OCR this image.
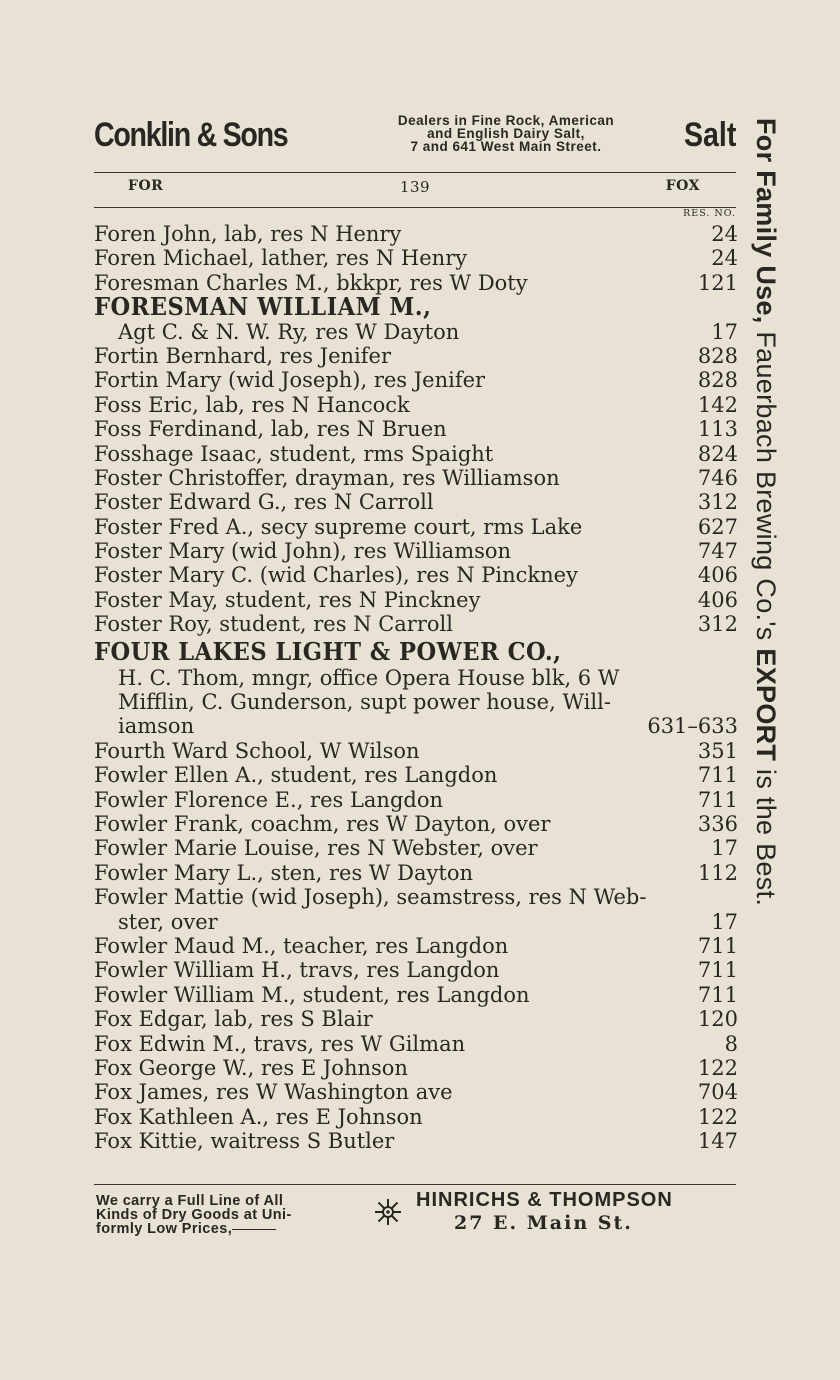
Conklin & Sons	Dealers in Fine Rock, American
and English Dairy Salt,
7 and 641 West Main Street.	Salt
FOR	139	FOX
RES. NO.
Foren John, lab, res N Henry	24
Foren Michael, lather, res N Henry	24
Foresman Charles M., bkkpr, res W Doty	121
FORESMAN WILLIAM M.,
Agt C. & N. W. Ry, res W Dayton	17
Fortin Bernhard, res Jenifer	828
Fortin Mary (wid Joseph), res Jenifer	828
Foss Eric, lab, res N Hancock	142
Foss Ferdinand, lab, res N Bruen	113
Fosshage Isaac, student, rms Spaight	824
Foster Christoffer, drayman, res Williamson	746
Foster Edward G., res N Carroll	312
Foster Fred A., secy supreme court, rms Lake	627
Foster Mary (wid John), res Williamson	747
Foster Mary C. (wid Charles), res N Pinckney	406
Foster May, student, res N Pinckney	406
Foster Roy, student, res N Carroll	312
FOUR LAKES LIGHT & POWER CO.,
H. C. Thom, mngr, office Opera House blk, 6 W
Mifflin, C. Gunderson, supt power house, Will-
iamson	631–633
Fourth Ward School, W Wilson	351
Fowler Ellen A., student, res Langdon	711
Fowler Florence E., res Langdon	711
Fowler Frank, coachm, res W Dayton, over	336
Fowler Marie Louise, res N Webster, over	17
Fowler Mary L., sten, res W Dayton	112
Fowler Mattie (wid Joseph), seamstress, res N Web-
ster, over	17
Fowler Maud M., teacher, res Langdon	711
Fowler William H., travs, res Langdon	711
Fowler William M., student, res Langdon	711
Fox Edgar, lab, res S Blair	120
Fox Edwin M., travs, res W Gilman	8
Fox George W., res E Johnson	122
Fox James, res W Washington ave	704
Fox Kathleen A., res E Johnson	122
Fox Kittie, waitress S Butler	147
For Family Use, Fauerbach Brewing Co.'s EXPORT is the Best.
We carry a Full Line of All
Kinds of Dry Goods at Uni-
formly Low Prices,
HINRICHS & THOMPSON
27 E. Main St.
